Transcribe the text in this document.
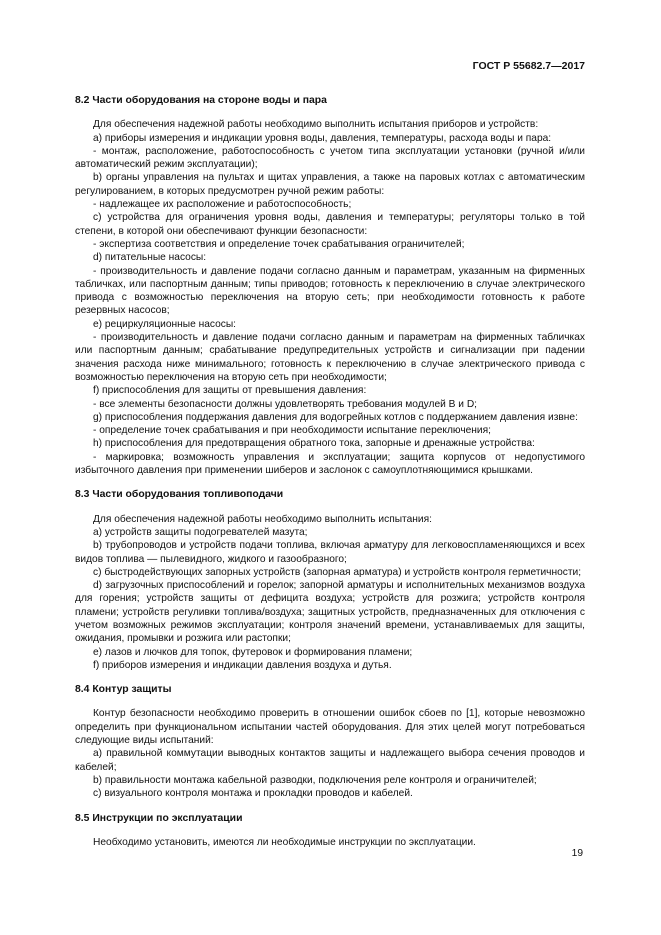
ГОСТ Р 55682.7—2017
8.2 Части оборудования на стороне воды и пара

Для обеспечения надежной работы необходимо выполнить испытания приборов и устройств:

а) приборы измерения и индикации уровня воды, давления, температуры, расхода воды и пара:

- монтаж, расположение, работоспособность с учетом типа эксплуатации установки (ручной и/или автоматический режим эксплуатации);

b) органы управления на пультах и щитах управления, а также на паровых котлах с автоматическим регулированием, в которых предусмотрен ручной режим работы:

- надлежащее их расположение и работоспособность;

c) устройства для ограничения уровня воды, давления и температуры; регуляторы только в той степени, в которой они обеспечивают функции безопасности:

- экспертиза соответствия и определение точек срабатывания ограничителей;

d) питательные насосы:

- производительность и давление подачи согласно данным и параметрам, указанным на фирменных табличках, или паспортным данным; типы приводов; готовность к переключению в случае электрического привода с возможностью переключения на вторую сеть; при необходимости готовность к работе резервных насосов;

e) рециркуляционные насосы:

- производительность и давление подачи согласно данным и параметрам на фирменных табличках или паспортным данным; срабатывание предупредительных устройств и сигнализации при падении значения расхода ниже минимального; готовность к переключению в случае электрического привода с возможностью переключения на вторую сеть при необходимости;

f) приспособления для защиты от превышения давления:

- все элементы безопасности должны удовлетворять требования модулей В и D;

g) приспособления поддержания давления для водогрейных котлов с поддержанием давления извне:

- определение точек срабатывания и при необходимости испытание переключения;

h) приспособления для предотвращения обратного тока, запорные и дренажные устройства:

- маркировка; возможность управления и эксплуатации; защита корпусов от недопустимого избыточного давления при применении шиберов и заслонок с самоуплотняющимися крышками.

8.3 Части оборудования топливоподачи

Для обеспечения надежной работы необходимо выполнить испытания:

а) устройств защиты подогревателей мазута;

b) трубопроводов и устройств подачи топлива, включая арматуру для легковоспламеняющихся и всех видов топлива — пылевидного, жидкого и газообразного;

c) быстродействующих запорных устройств (запорная арматура) и устройств контроля герметичности;

d) загрузочных приспособлений и горелок; запорной арматуры и исполнительных механизмов воздуха для горения; устройств защиты от дефицита воздуха; устройств для розжига; устройств контроля пламени; устройств регуливки топлива/воздуха; защитных устройств, предназначенных для отключения с учетом возможных режимов эксплуатации; контроля значений времени, устанавливаемых для защиты, ожидания, промывки и розжига или растопки;

e) лазов и лючков для топок, футеровок и формирования пламени;

f) приборов измерения и индикации давления воздуха и дутья.

8.4 Контур защиты

Контур безопасности необходимо проверить в отношении ошибок сбоев по [1], которые невозможно определить при функциональном испытании частей оборудования. Для этих целей могут потребоваться следующие виды испытаний:

а) правильной коммутации выводных контактов защиты и надлежащего выбора сечения проводов и кабелей;

b) правильности монтажа кабельной разводки, подключения реле контроля и ограничителей;

c) визуального контроля монтажа и прокладки проводов и кабелей.

8.5 Инструкции по эксплуатации

Необходимо установить, имеются ли необходимые инструкции по эксплуатации.

19
